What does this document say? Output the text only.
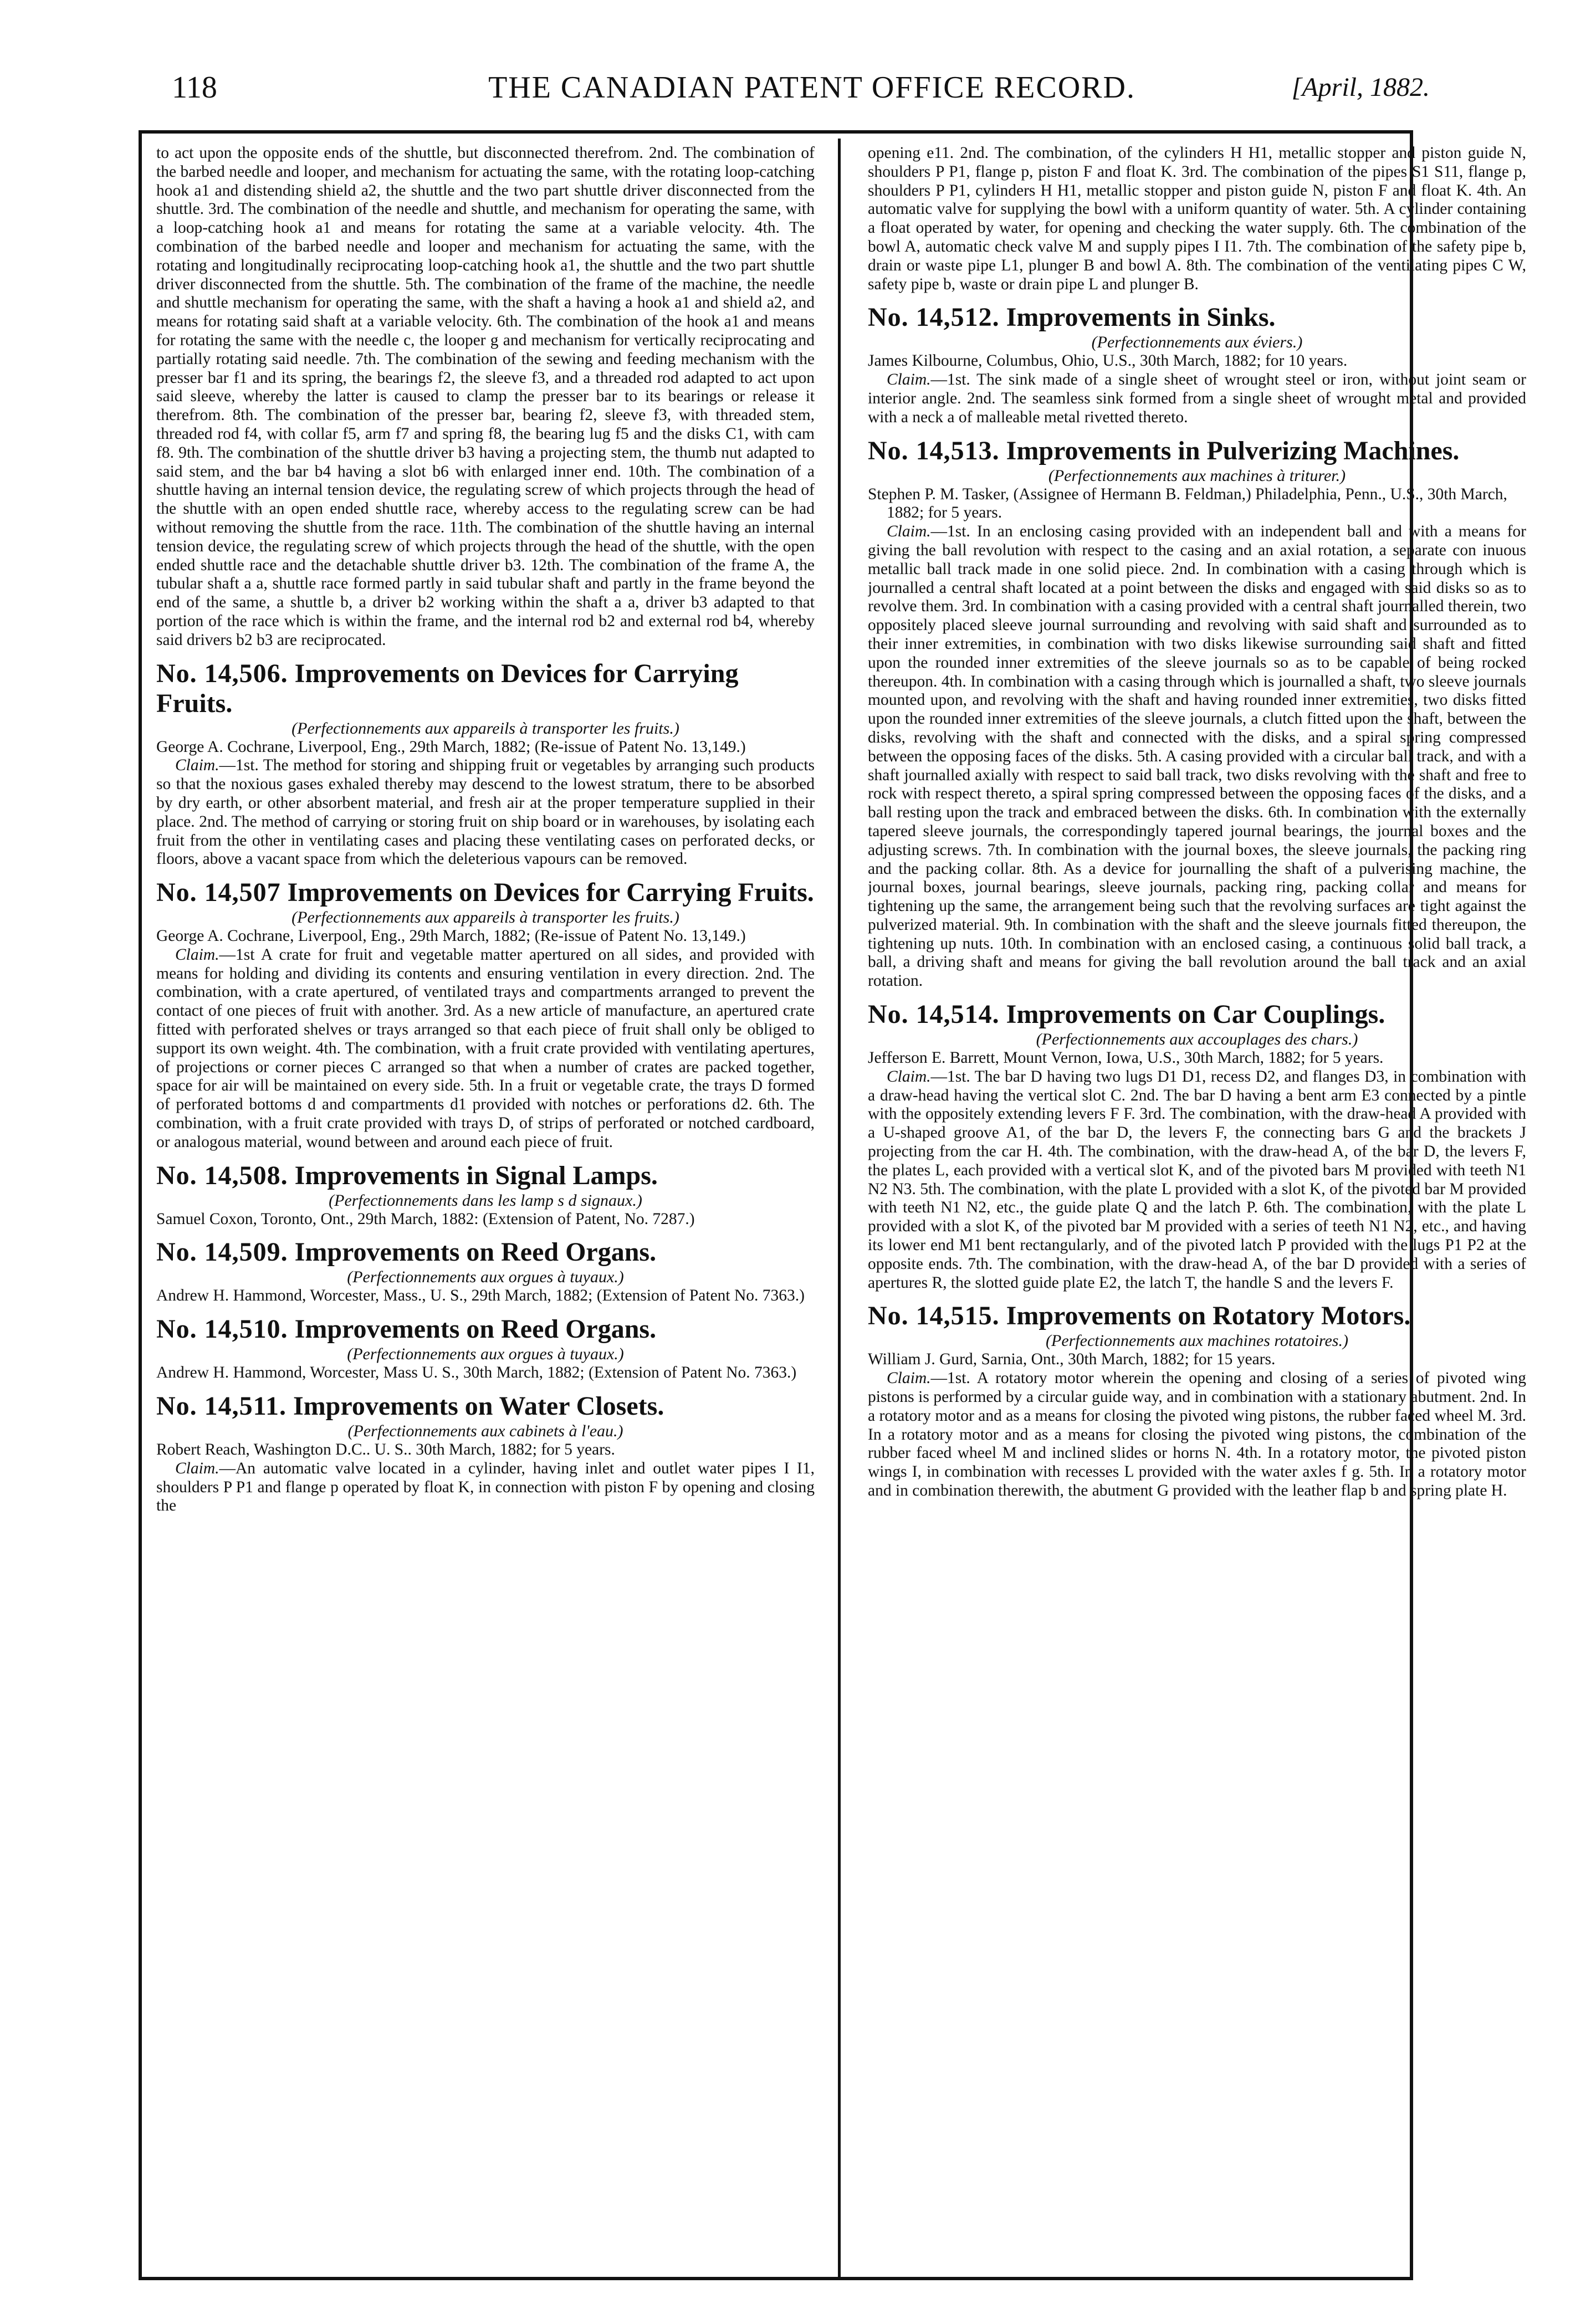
118	THE CANADIAN PATENT OFFICE RECORD.	[April, 1882.

to act upon the opposite ends of the shuttle, but disconnected therefrom. 2nd. The combination of the barbed needle and looper, and mechanism for actuating the same, with the rotating loop-catching hook a1 and distending shield a2, the shuttle and the two part shuttle driver disconnected from the shuttle. 3rd. The combination of the needle and shuttle, and mechanism for operating the same, with a loop-catching hook a1 and means for rotating the same at a variable velocity. 4th. The combination of the barbed needle and looper and mechanism for actuating the same, with the rotating and longitudinally reciprocating loop-catching hook a1, the shuttle and the two part shuttle driver disconnected from the shuttle. 5th. The combination of the frame of the machine, the needle and shuttle mechanism for operating the same, with the shaft a having a hook a1 and shield a2, and means for rotating said shaft at a variable velocity. 6th. The combination of the hook a1 and means for rotating the same with the needle c, the looper g and mechanism for vertically reciprocating and partially rotating said needle. 7th. The combination of the sewing and feeding mechanism with the presser bar f1 and its spring, the bearings f2, the sleeve f3, and a threaded rod adapted to act upon said sleeve, whereby the latter is caused to clamp the presser bar to its bearings or release it therefrom. 8th. The combination of the presser bar, bearing f2, sleeve f3, with threaded stem, threaded rod f4, with collar f5, arm f7 and spring f8, the bearing lug f5 and the disks C1, with cam f8. 9th. The combination of the shuttle driver b3 having a projecting stem, the thumb nut adapted to said stem, and the bar b4 having a slot b6 with enlarged inner end. 10th. The combination of a shuttle having an internal tension device, the regulating screw of which projects through the head of the shuttle with an open ended shuttle race, whereby access to the regulating screw can be had without removing the shuttle from the race. 11th. The combination of the shuttle having an internal tension device, the regulating screw of which projects through the head of the shuttle, with the open ended shuttle race and the detachable shuttle driver b3. 12th. The combination of the frame A, the tubular shaft a a, shuttle race formed partly in said tubular shaft and partly in the frame beyond the end of the same, a shuttle b, a driver b2 working within the shaft a a, driver b3 adapted to that portion of the race which is within the frame, and the internal rod b2 and external rod b4, whereby said drivers b2 b3 are reciprocated.

No. 14,506. Improvements on Devices for Carrying Fruits.

(Perfectionnements aux appareils à transporter les fruits.)

George A. Cochrane, Liverpool, Eng., 29th March, 1882; (Re-issue of Patent No. 13,149.)

Claim.—1st. The method for storing and shipping fruit or vegetables by arranging such products so that the noxious gases exhaled thereby may descend to the lowest stratum, there to be absorbed by dry earth, or other absorbent material, and fresh air at the proper temperature supplied in their place. 2nd. The method of carrying or storing fruit on ship board or in warehouses, by isolating each fruit from the other in ventilating cases and placing these ventilating cases on perforated decks, or floors, above a vacant space from which the deleterious vapours can be removed.

No. 14,507 Improvements on Devices for Carrying Fruits.

(Perfectionnements aux appareils à transporter les fruits.)

George A. Cochrane, Liverpool, Eng., 29th March, 1882; (Re-issue of Patent No. 13,149.)

Claim.—1st A crate for fruit and vegetable matter apertured on all sides, and provided with means for holding and dividing its contents and ensuring ventilation in every direction. 2nd. The combination, with a crate apertured, of ventilated trays and compartments arranged to prevent the contact of one pieces of fruit with another. 3rd. As a new article of manufacture, an apertured crate fitted with perforated shelves or trays arranged so that each piece of fruit shall only be obliged to support its own weight. 4th. The combination, with a fruit crate provided with ventilating apertures, of projections or corner pieces C arranged so that when a number of crates are packed together, space for air will be maintained on every side. 5th. In a fruit or vegetable crate, the trays D formed of perforated bottoms d and compartments d1 provided with notches or perforations d2. 6th. The combination, with a fruit crate provided with trays D, of strips of perforated or notched cardboard, or analogous material, wound between and around each piece of fruit.

No. 14,508. Improvements in Signal Lamps.

(Perfectionnements dans les lamp s d signaux.)

Samuel Coxon, Toronto, Ont., 29th March, 1882: (Extension of Patent, No. 7287.)

No. 14,509. Improvements on Reed Organs.

(Perfectionnements aux orgues à tuyaux.)

Andrew H. Hammond, Worcester, Mass., U. S., 29th March, 1882; (Extension of Patent No. 7363.)

No. 14,510. Improvements on Reed Organs.

(Perfectionnements aux orgues à tuyaux.)

Andrew H. Hammond, Worcester, Mass U. S., 30th March, 1882; (Extension of Patent No. 7363.)

No. 14,511. Improvements on Water Closets.

(Perfectionnements aux cabinets à l'eau.)

Robert Reach, Washington D.C.. U. S.. 30th March, 1882; for 5 years.

Claim.—An automatic valve located in a cylinder, having inlet and outlet water pipes I I1, shoulders P P1 and flange p operated by float K, in connection with piston F by opening and closing the

opening e11. 2nd. The combination, of the cylinders H H1, metallic stopper and piston guide N, shoulders P P1, flange p, piston F and float K. 3rd. The combination of the pipes S1 S11, flange p, shoulders P P1, cylinders H H1, metallic stopper and piston guide N, piston F and float K. 4th. An automatic valve for supplying the bowl with a uniform quantity of water. 5th. A cylinder containing a float operated by water, for opening and checking the water supply. 6th. The combination of the bowl A, automatic check valve M and supply pipes I I1. 7th. The combination of the safety pipe b, drain or waste pipe L1, plunger B and bowl A. 8th. The combination of the ventilating pipes C W, safety pipe b, waste or drain pipe L and plunger B.

No. 14,512. Improvements in Sinks.

(Perfectionnements aux éviers.)

James Kilbourne, Columbus, Ohio, U.S., 30th March, 1882; for 10 years.

Claim.—1st. The sink made of a single sheet of wrought steel or iron, without joint seam or interior angle. 2nd. The seamless sink formed from a single sheet of wrought metal and provided with a neck a of malleable metal rivetted thereto.

No. 14,513. Improvements in Pulverizing Machines.

(Perfectionnements aux machines à triturer.)

Stephen P. M. Tasker, (Assignee of Hermann B. Feldman,) Philadelphia, Penn., U.S., 30th March, 1882; for 5 years.

Claim.—1st. In an enclosing casing provided with an independent ball and with a means for giving the ball revolution with respect to the casing and an axial rotation, a separate con inuous metallic ball track made in one solid piece. 2nd. In combination with a casing through which is journalled a central shaft located at a point between the disks and engaged with said disks so as to revolve them. 3rd. In combination with a casing provided with a central shaft journalled therein, two oppositely placed sleeve journal surrounding and revolving with said shaft and surrounded as to their inner extremities, in combination with two disks likewise surrounding said shaft and fitted upon the rounded inner extremities of the sleeve journals so as to be capable of being rocked thereupon. 4th. In combination with a casing through which is journalled a shaft, two sleeve journals mounted upon, and revolving with the shaft and having rounded inner extremities, two disks fitted upon the rounded inner extremities of the sleeve journals, a clutch fitted upon the shaft, between the disks, revolving with the shaft and connected with the disks, and a spiral spring compressed between the opposing faces of the disks. 5th. A casing provided with a circular ball track, and with a shaft journalled axially with respect to said ball track, two disks revolving with the shaft and free to rock with respect thereto, a spiral spring compressed between the opposing faces of the disks, and a ball resting upon the track and embraced between the disks. 6th. In combination with the externally tapered sleeve journals, the correspondingly tapered journal bearings, the journal boxes and the adjusting screws. 7th. In combination with the journal boxes, the sleeve journals, the packing ring and the packing collar. 8th. As a device for journalling the shaft of a pulverising machine, the journal boxes, journal bearings, sleeve journals, packing ring, packing collar and means for tightening up the same, the arrangement being such that the revolving surfaces are tight against the pulverized material. 9th. In combination with the shaft and the sleeve journals fitted thereupon, the tightening up nuts. 10th. In combination with an enclosed casing, a continuous solid ball track, a ball, a driving shaft and means for giving the ball revolution around the ball track and an axial rotation.

No. 14,514. Improvements on Car Couplings.

(Perfectionnements aux accouplages des chars.)

Jefferson E. Barrett, Mount Vernon, Iowa, U.S., 30th March, 1882; for 5 years.

Claim.—1st. The bar D having two lugs D1 D1, recess D2, and flanges D3, in combination with a draw-head having the vertical slot C. 2nd. The bar D having a bent arm E3 connected by a pintle with the oppositely extending levers F F. 3rd. The combination, with the draw-head A provided with a U-shaped groove A1, of the bar D, the levers F, the connecting bars G and the brackets J projecting from the car H. 4th. The combination, with the draw-head A, of the bar D, the levers F, the plates L, each provided with a vertical slot K, and of the pivoted bars M provided with teeth N1 N2 N3. 5th. The combination, with the plate L provided with a slot K, of the pivoted bar M provided with teeth N1 N2, etc., the guide plate Q and the latch P. 6th. The combination, with the plate L provided with a slot K, of the pivoted bar M provided with a series of teeth N1 N2, etc., and having its lower end M1 bent rectangularly, and of the pivoted latch P provided with the lugs P1 P2 at the opposite ends. 7th. The combination, with the draw-head A, of the bar D provided with a series of apertures R, the slotted guide plate E2, the latch T, the handle S and the levers F.

No. 14,515. Improvements on Rotatory Motors.

(Perfectionnements aux machines rotatoires.)

William J. Gurd, Sarnia, Ont., 30th March, 1882; for 15 years.

Claim.—1st. A rotatory motor wherein the opening and closing of a series of pivoted wing pistons is performed by a circular guide way, and in combination with a stationary abutment. 2nd. In a rotatory motor and as a means for closing the pivoted wing pistons, the rubber faced wheel M. 3rd. In a rotatory motor and as a means for closing the pivoted wing pistons, the combination of the rubber faced wheel M and inclined slides or horns N. 4th. In a rotatory motor, the pivoted piston wings I, in combination with recesses L provided with the water axles f g. 5th. In a rotatory motor and in combination therewith, the abutment G provided with the leather flap b and spring plate H.
